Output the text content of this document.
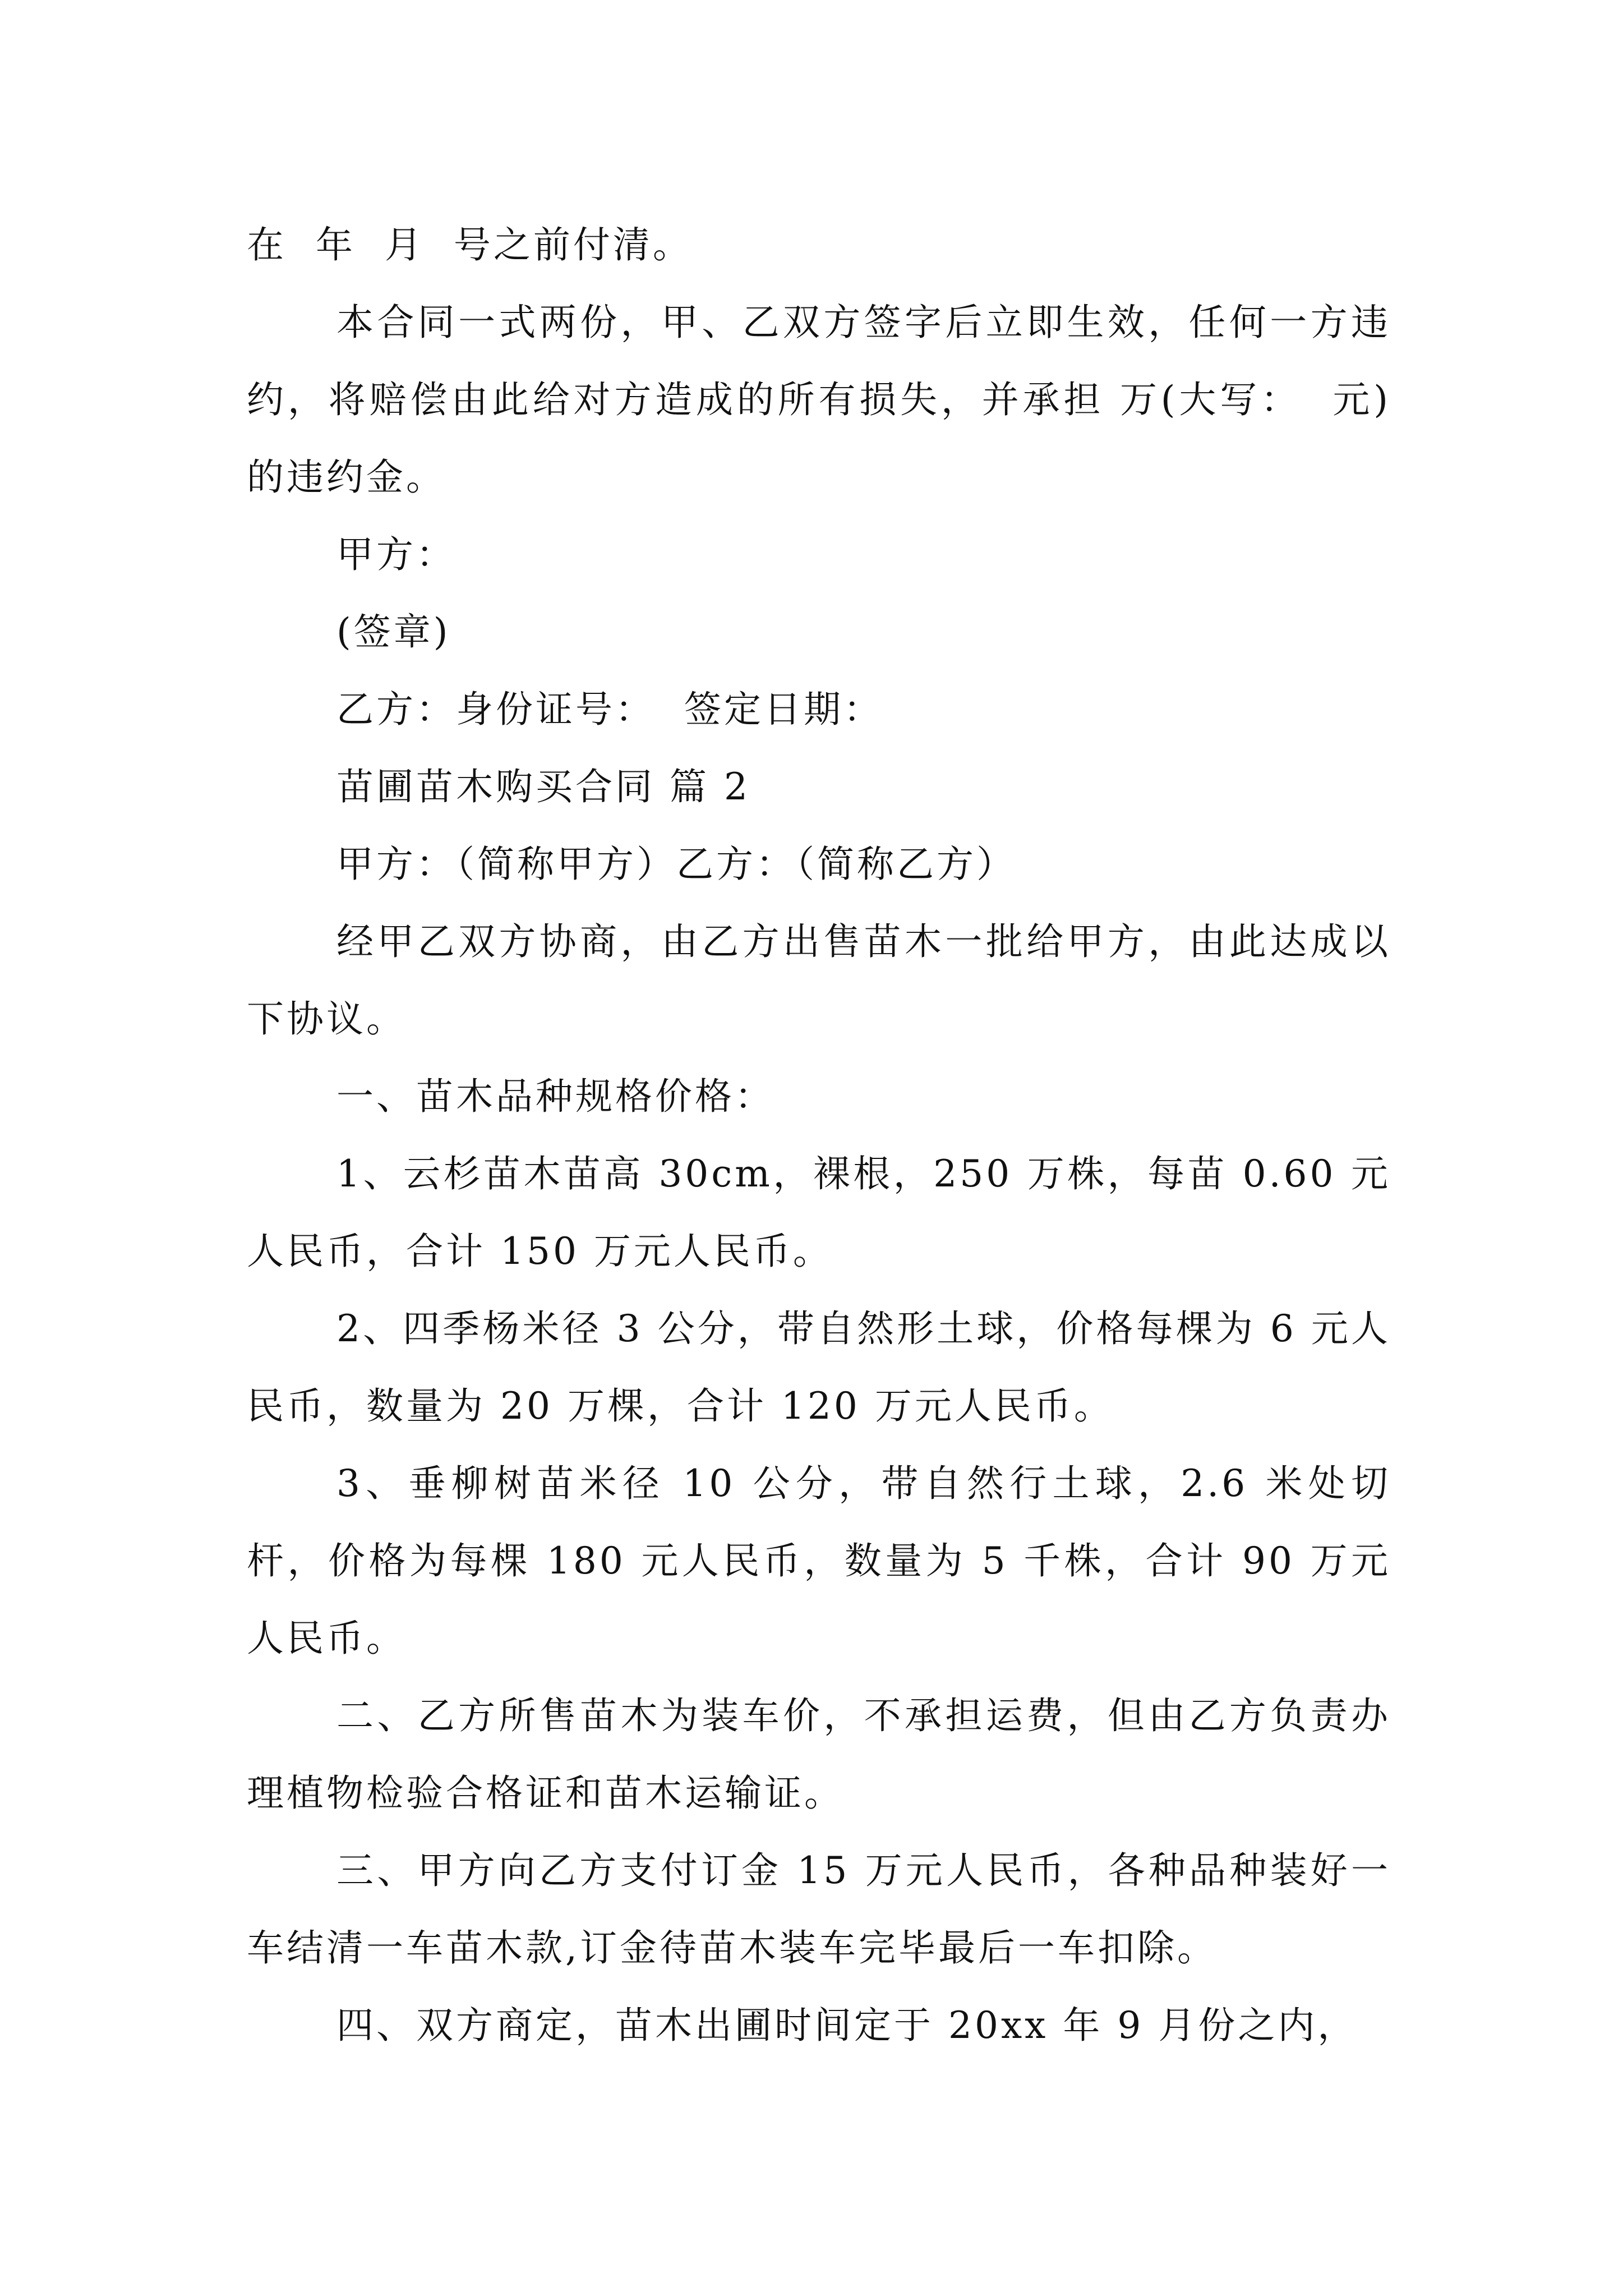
在  年  月  号之前付清。

本合同一式两份，甲、乙双方签字后立即生效，任何一方违约，将赔偿由此给对方造成的所有损失，并承担 万(大写：  元)的违约金。

甲方：

(签章)

乙方：身份证号：  签定日期：

苗圃苗木购买合同 篇 2

甲方：（简称甲方）乙方：（简称乙方）

经甲乙双方协商，由乙方出售苗木一批给甲方，由此达成以下协议。

一、苗木品种规格价格：

1、云杉苗木苗高 30cm，裸根，250 万株，每苗 0.60 元人民币，合计 150 万元人民币。

2、四季杨米径 3 公分，带自然形土球，价格每棵为 6 元人民币，数量为 20 万棵，合计 120 万元人民币。

3、垂柳树苗米径 10 公分，带自然行土球，2.6 米处切杆，价格为每棵 180 元人民币，数量为 5 千株，合计 90 万元人民币。

二、乙方所售苗木为装车价，不承担运费，但由乙方负责办理植物检验合格证和苗木运输证。

三、甲方向乙方支付订金 15 万元人民币，各种品种装好一车结清一车苗木款,订金待苗木装车完毕最后一车扣除。

四、双方商定，苗木出圃时间定于 20xx 年 9 月份之内，
